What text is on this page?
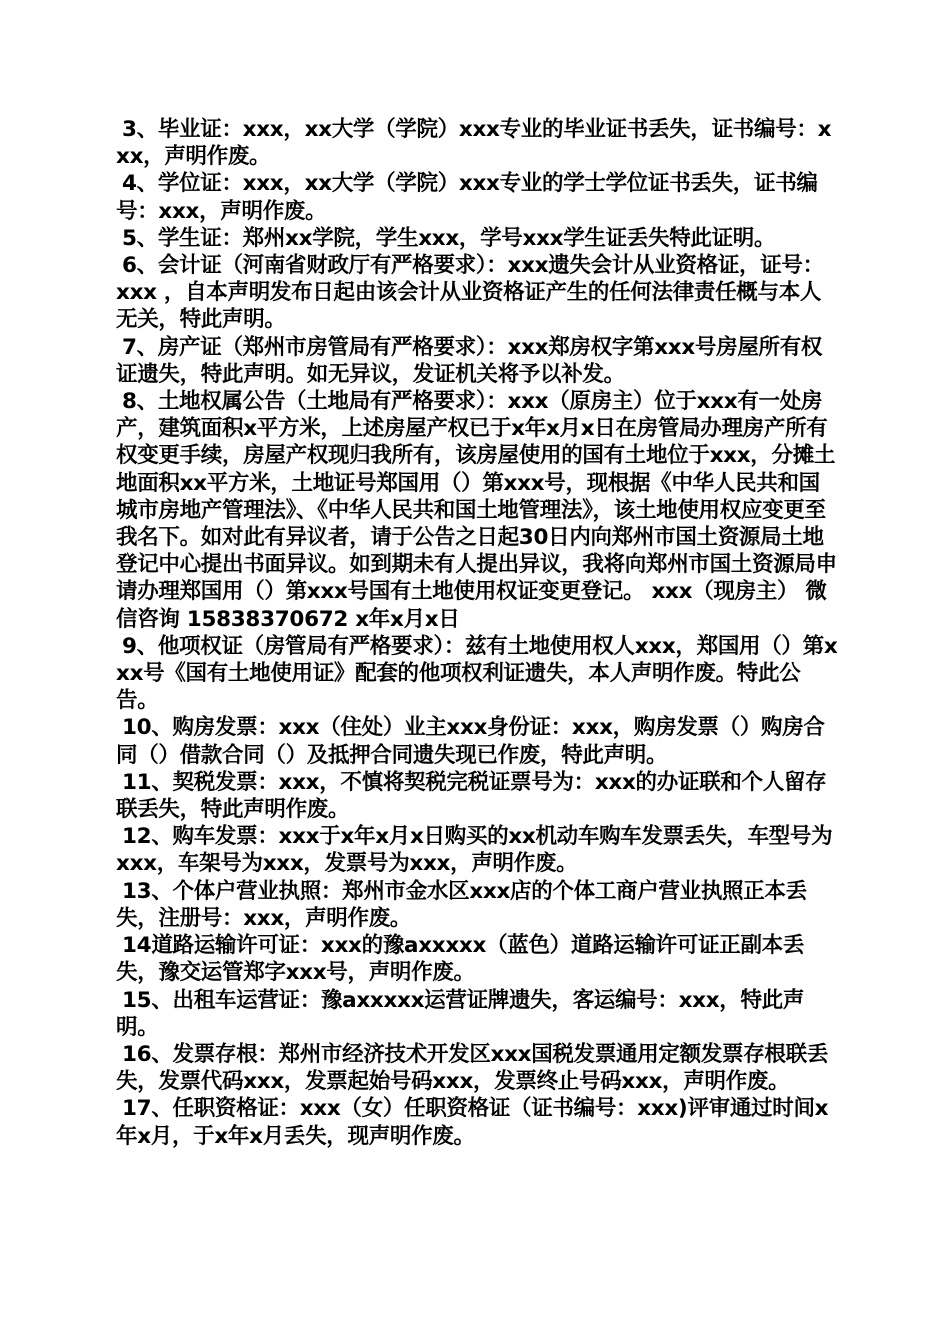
3、毕业证：xxx，xx大学（学院）xxx专业的毕业证书丢失，证书编号：xxx，声明作废。

4、学位证：xxx，xx大学（学院）xxx专业的学士学位证书丢失，证书编号：xxx，声明作废。

5、学生证：郑州xx学院，学生xxx，学号xxx学生证丢失特此证明。

6、会计证（河南省财政厅有严格要求）：xxx遗失会计从业资格证，证号： xxx ，自本声明发布日起由该会计从业资格证产生的任何法律责任概与本人无关，特此声明。

7、房产证（郑州市房管局有严格要求）：xxx郑房权字第xxx号房屋所有权证遗失，特此声明。如无异议，发证机关将予以补发。

8、土地权属公告（土地局有严格要求）：xxx（原房主）位于xxx有一处房产，建筑面积x平方米，上述房屋产权已于x年x月x日在房管局办理房产所有权变更手续，房屋产权现归我所有，该房屋使用的国有土地位于xxx，分摊土地面积xx平方米，土地证号郑国用（）第xxx号，现根据《中华人民共和国城市房地产管理法》、《中华人民共和国土地管理法》，该土地使用权应变更至我名下。如对此有异议者，请于公告之日起30日内向郑州市国土资源局土地登记中心提出书面异议。如到期未有人提出异议，我将向郑州市国土资源局申请办理郑国用（）第xxx号国有土地使用权证变更登记。 xxx（现房主） 微信咨询 15838370672 x年x月x日

9、他项权证（房管局有严格要求）：兹有土地使用权人xxx，郑国用（）第xxx号《国有土地使用证》配套的他项权利证遗失，本人声明作废。特此公告。

10、购房发票：xxx（住处）业主xxx身份证：xxx，购房发票（）购房合同（）借款合同（）及抵押合同遗失现已作废，特此声明。

11、契税发票：xxx，不慎将契税完税证票号为：xxx的办证联和个人留存联丢失，特此声明作废。

12、购车发票：xxx于x年x月x日购买的xx机动车购车发票丢失，车型号为xxx，车架号为xxx，发票号为xxx，声明作废。

13、个体户营业执照：郑州市金水区xxx店的个体工商户营业执照正本丢失，注册号：xxx，声明作废。

14道路运输许可证：xxx的豫axxxxx（蓝色）道路运输许可证正副本丢失，豫交运管郑字xxx号，声明作废。

15、出租车运营证：豫axxxxx运营证牌遗失，客运编号：xxx，特此声明。

16、发票存根：郑州市经济技术开发区xxx国税发票通用定额发票存根联丢失，发票代码xxx，发票起始号码xxx，发票终止号码xxx，声明作废。

17、任职资格证：xxx（女）任职资格证（证书编号：xxx)评审通过时间x年x月，于x年x月丢失，现声明作废。
